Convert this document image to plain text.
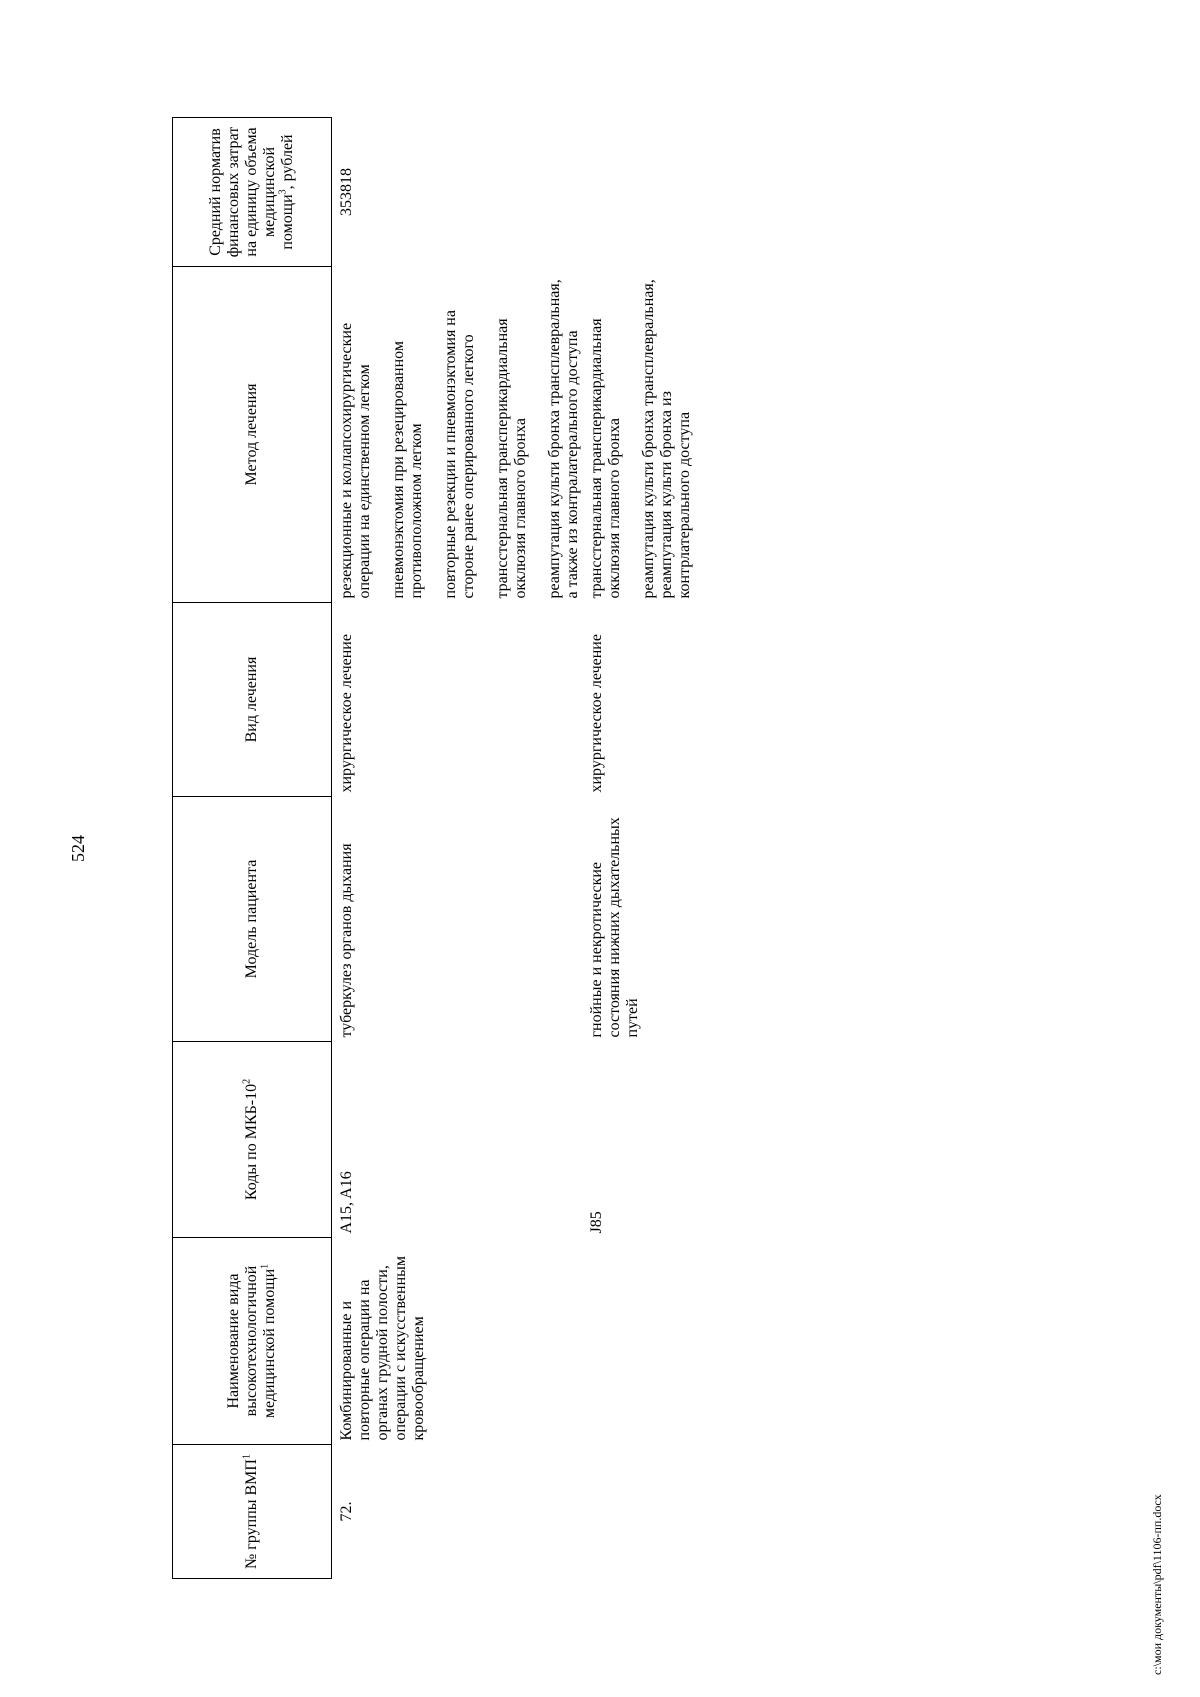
524
№ группы ВМП$^1$	Наименование вида высокотехнологичной медицинской помощи$^1$	Коды по МКБ-$10^2$	Модель пациента	Вид лечения	Метод лечения	Средний норматив финансовых затрат на единицу объема медицинской помощи$^3$, рублей
72.	Комбинированные и повторные операции на органах грудной полости, операции с искусственным кровообращением	A15, A16	туберкулез органов дыхания	хирургическое лечение	резекционные и коллапсохирургические операции на единственном легком пневмонэктомия при резецированном противоположном легком повторные резекции и пневмонэктомия на стороне ранее оперированного легкого трансстернальная транcперикардиальная окклюзия главного бронха реампутация культи бронха трансплевральная, а также из контралатерального доступа	353818
		J85	гнойные и некротические состояния нижних дыхательных путей	хирургическое лечение	трансстернальная транcперикардиальная окклюзия главного бронха реампутация культи бронха трансплевральная, реампутация культи бронха из контрлатерального доступа	

c:\мои документы\pdf\1106-пп.docx
